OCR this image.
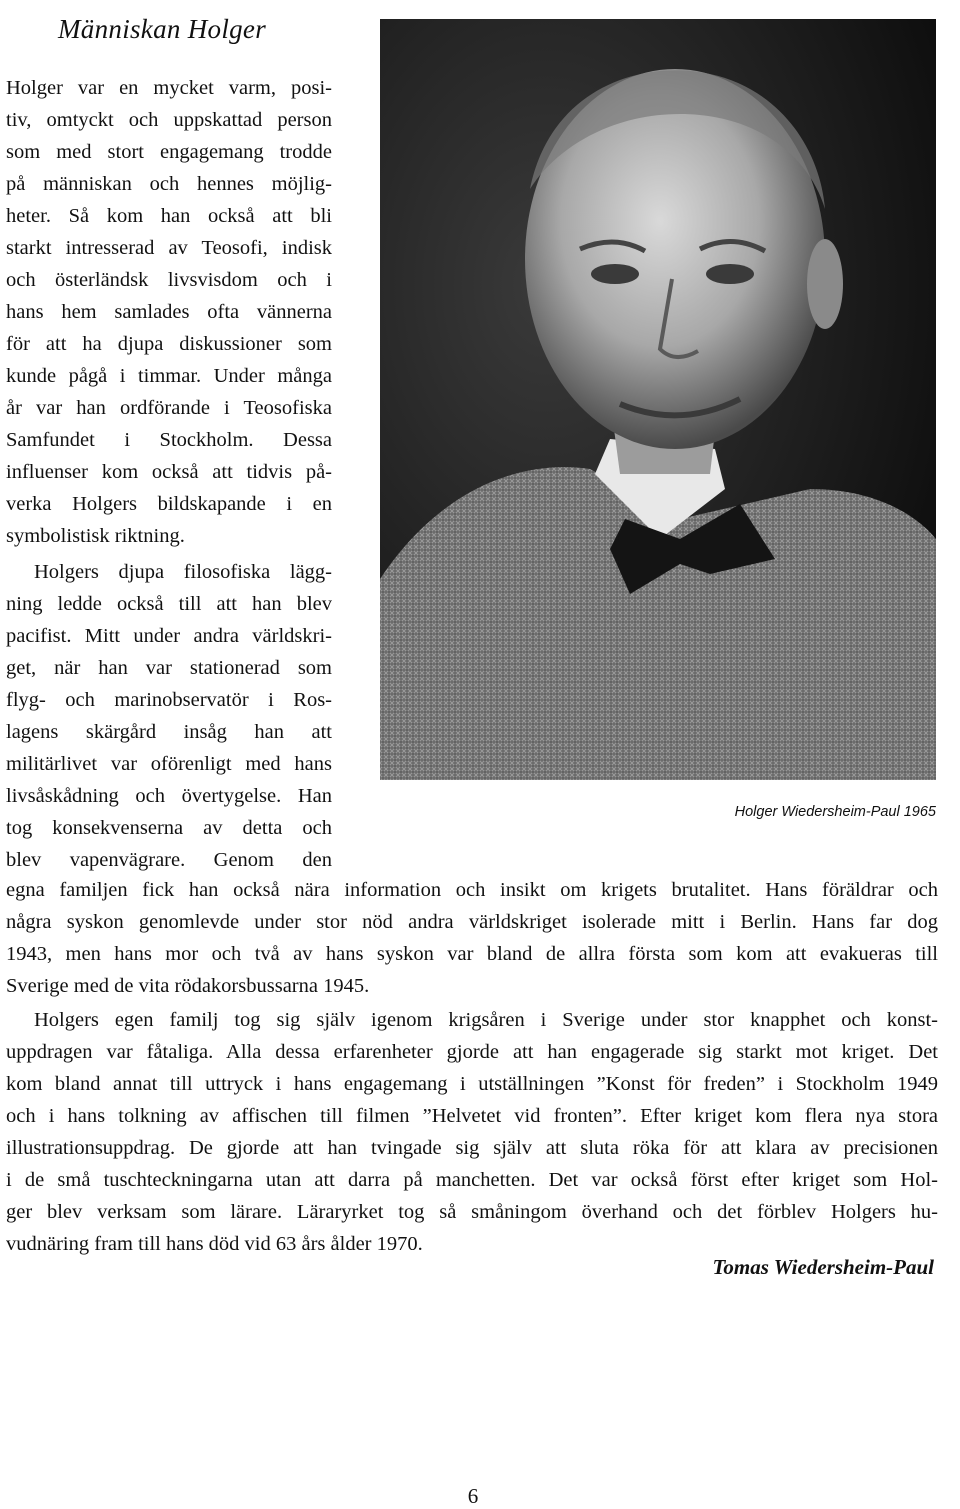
Människan Holger
Holger Wiedersheim-Paul 1965

Holger var en mycket varm, posi-

tiv, omtyckt och uppskattad person

som med stort engagemang trodde

på människan och hennes möjlig-

heter. Så kom han också att bli

starkt intresserad av Teosofi, indisk

och österländsk livsvisdom och i

hans hem samlades ofta vännerna

för att ha djupa diskussioner som

kunde pågå i timmar. Under många

år var han ordförande i Teosofiska

Samfundet i Stockholm. Dessa

influenser kom också att tidvis på-

verka Holgers bildskapande i en

symbolistisk riktning.

Holgers djupa filosofiska lägg-

ning ledde också till att han blev

pacifist. Mitt under andra världskri-

get, när han var stationerad som

flyg- och marinobservatör i Ros-

lagens skärgård insåg han att

militärlivet var oförenligt med hans

livsåskådning och övertygelse. Han

tog konsekvenserna av detta och

blev vapenvägrare. Genom den

egna familjen fick han också nära information och insikt om krigets brutalitet. Hans föräldrar och

några syskon genomlevde under stor nöd andra världskriget isolerade mitt i Berlin. Hans far dog

1943, men hans mor och två av hans syskon var bland de allra första som kom att evakueras till

Sverige med de vita rödakorsbussarna 1945.

Holgers egen familj tog sig själv igenom krigsåren i Sverige under stor knapphet och konst-

uppdragen var fåtaliga. Alla dessa erfarenheter gjorde att han engagerade sig starkt mot kriget. Det

kom bland annat till uttryck i hans engagemang i utställningen ”Konst för freden” i Stockholm 1949

och i hans tolkning av affischen till filmen ”Helvetet vid fronten”. Efter kriget kom flera nya stora

illustrationsuppdrag. De gjorde att han tvingade sig själv att sluta röka för att klara av precisionen

i de små tuschteckningarna utan att darra på manchetten. Det var också först efter kriget som Hol-

ger blev verksam som lärare. Läraryrket tog så småningom överhand och det förblev Holgers hu-

vudnäring fram till hans död vid 63 års ålder 1970.

Tomas Wiedersheim-Paul
6
